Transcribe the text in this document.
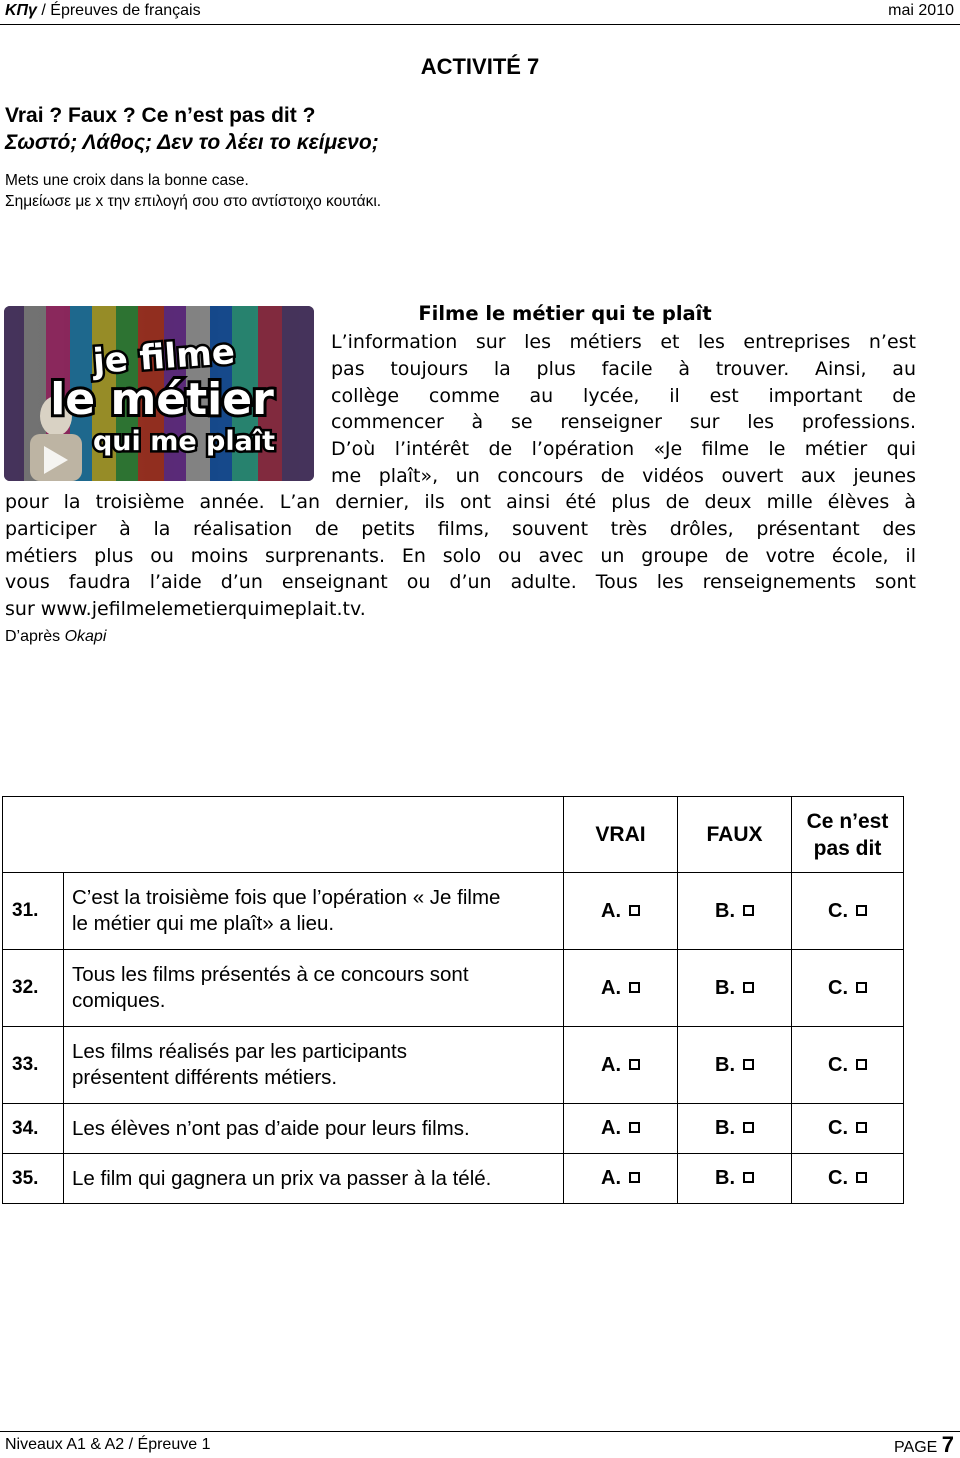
ΚΠγ / Épreuves de français	mai 2010
ACTIVITÉ 7
Vrai ? Faux ? Ce n’est pas dit ?
Σωστό; Λάθος; Δεν το λέει το κείμενο;
Mets une croix dans la bonne case.
Σημείωσε με x την επιλογή σου στο αντίστοιχο κουτάκι.
je filme
le métier
qui me plaît
Filme le métier qui te plaît
L’information sur les métiers et les entreprises n’est
pas toujours la plus facile à trouver. Ainsi, au
collège comme au lycée, il est important de
commencer à se renseigner sur les professions.
D’où l’intérêt de l’opération «Je filme le métier qui
me plaît», un concours de vidéos ouvert aux jeunes
pour la troisième année. L’an dernier, ils ont ainsi été plus de deux mille élèves à
participer à la réalisation de petits films, souvent très drôles, présentant des
métiers plus ou moins surprenants. En solo ou avec un groupe de votre école, il
vous faudra l’aide d’un enseignant ou d’un adulte. Tous les renseignements sont
sur www.jefilmelemetierquimeplait.tv.
D’après Okapi
		VRAI	FAUX	Ce n’est
pas dit
31.	C’est la troisième fois que l’opération « Je filme
le métier qui me plaît» a lieu.	A.	B.	C.
32.	Tous les films présentés à ce concours sont
comiques.	A.	B.	C.
33.	Les films réalisés par les participants
présentent différents métiers.	A.	B.	C.
34.	Les élèves n’ont pas d’aide pour leurs films.	A.	B.	C.
35.	Le film qui gagnera un prix va passer à la télé.	A.	B.	C.
Niveaux A1 & A2 / Épreuve 1	PAGE 7
